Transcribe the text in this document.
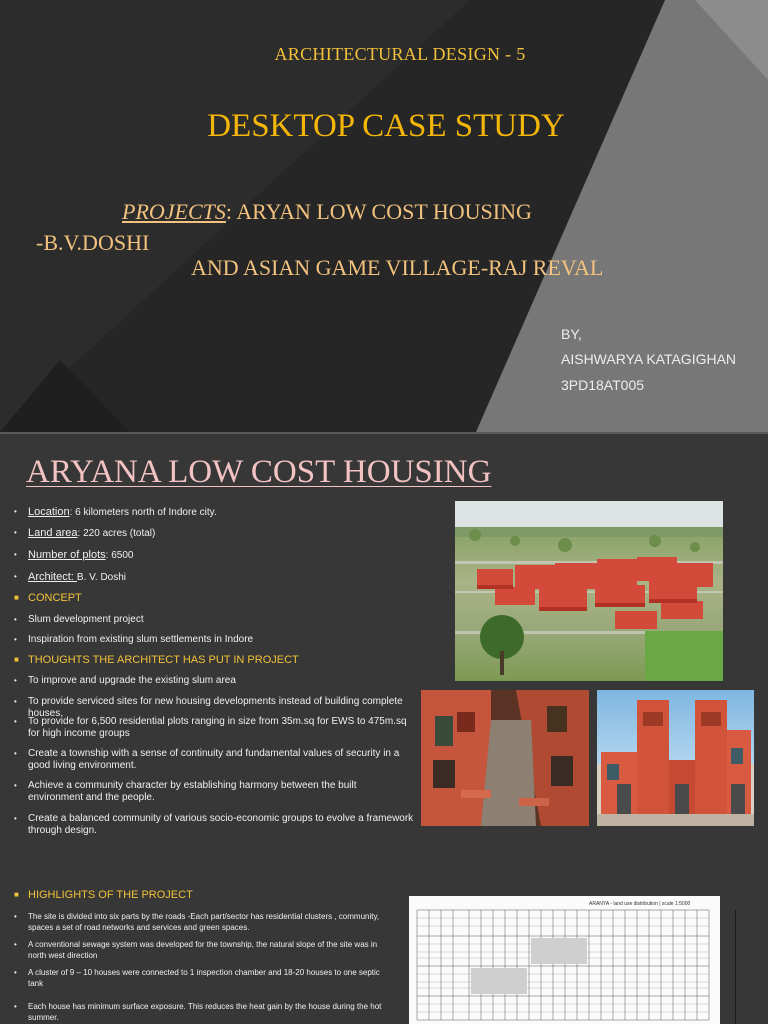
ARCHITECTURAL DESIGN - 5
DESKTOP CASE STUDY
PROJECTS: ARYAN LOW COST HOUSING
-B.V.DOSHI
AND ASIAN GAME VILLAGE-RAJ REVAL
BY,
AISHWARYA KATAGIGHAN
3PD18AT005
ARYANA LOW COST HOUSING
•	Location: 6 kilometers north of Indore city.
•	Land area: 220 acres (total)
•	Number of plots: 6500
•	Architect: B. V. Doshi
■ CONCEPT
•	Slum development project
•	Inspiration from existing slum settlements in Indore
■ THOUGHTS THE ARCHITECT HAS PUT IN PROJECT
•	To improve and upgrade the existing slum area
•	To provide serviced sites for new housing developments instead of building complete houses.
•	To provide for 6,500 residential plots ranging in size from 35m.sq for EWS to 475m.sq for high income groups
•	Create a township with a sense of continuity and fundamental values of security in a good living environment.
•	Achieve a community character by establishing harmony between the built environment and the people.
•	Create a balanced community of various socio-economic groups to evolve a framework through design.
■ HIGHLIGHTS OF THE PROJECT
•	The site is divided into six parts by the roads -Each part/sector has residential clusters , community, spaces a set of road networks and services and green spaces.
•	A conventional sewage system was developed for the township, the natural slope of the site was in north west direction
•	A cluster of 9 – 10 houses were connected to 1 inspection chamber and 18-20 houses to one septic tank
•	Each house has minimum surface exposure. This reduces the heat gain by the house during the hot summer.
ARANYA - land use distribution | scale 1:5000
